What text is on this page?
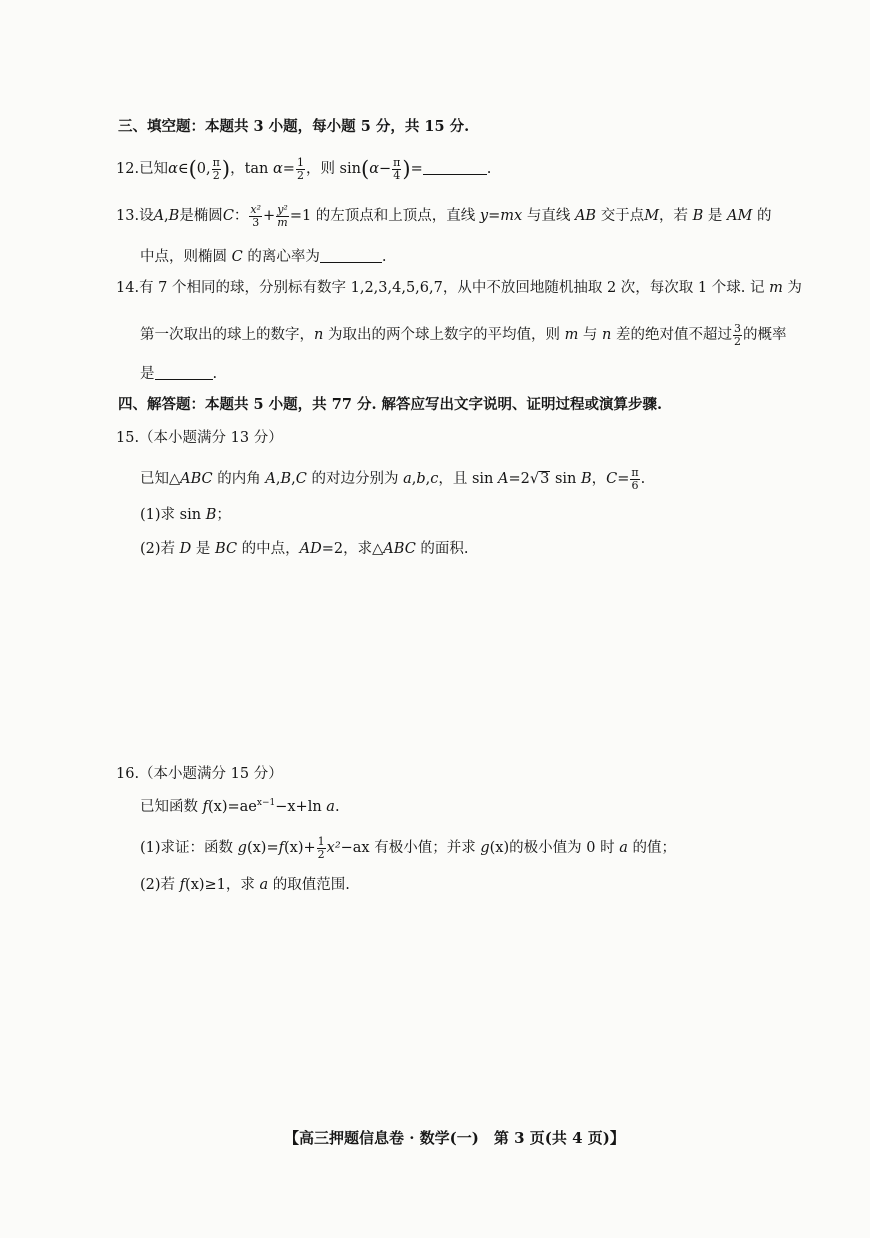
三、填空题：本题共 3 小题，每小题 5 分，共 15 分.
12.已知α∈(0, $\frac{\pi}{2}$ )，$\tan \alpha= \frac{1}{2}$ ，则 $\sin(\alpha- \frac{\pi}{4}$ )=	.
13.设A,B是椭圆C： $\frac{\text{x²}}{3} + \frac{\text{y²}}{m} =1$ 的左顶点和上顶点，直线 y=mx 与直线 AB 交于点M，若 B 是 AM 的
中点，则椭圆 C 的离心率为	.
14.有 7 个相同的球，分别标有数字 1,2,3,4,5,6,7，从中不放回地随机抽取 2 次，每次取 1 个球. 记 m 为
第一次取出的球上的数字，n 为取出的两个球上数字的平均值，则 m 与 n 差的绝对值不超过 $\frac{3}{2}$ 的概率
是	.
四、解答题：本题共 5 小题，共 77 分. 解答应写出文字说明、证明过程或演算步骤.
15.（本小题满分 13 分）
已知△ABC 的内角 A,B,C 的对边分别为 a,b,c，且 sin A=2√3 sin B，$C= \frac{\pi}{6}$ .
(1)求 sin B；
(2)若 D 是 BC 的中点，AD=2，求△ABC 的面积.
16.（本小题满分 15 分）
已知函数 $f(x)=ae^{x-1}-x+\ln$ a.
(1)求证：函数 $g(x)=f(x)+ \frac{1}{2} x^2-ax$ 有极小值；并求 g(x)的极小值为 0 时 a 的值；
(2)若 f(x)≥1，求 a 的取值范围.
【高三押题信息卷 · 数学(一)　第 3 页(共 4 页)】
